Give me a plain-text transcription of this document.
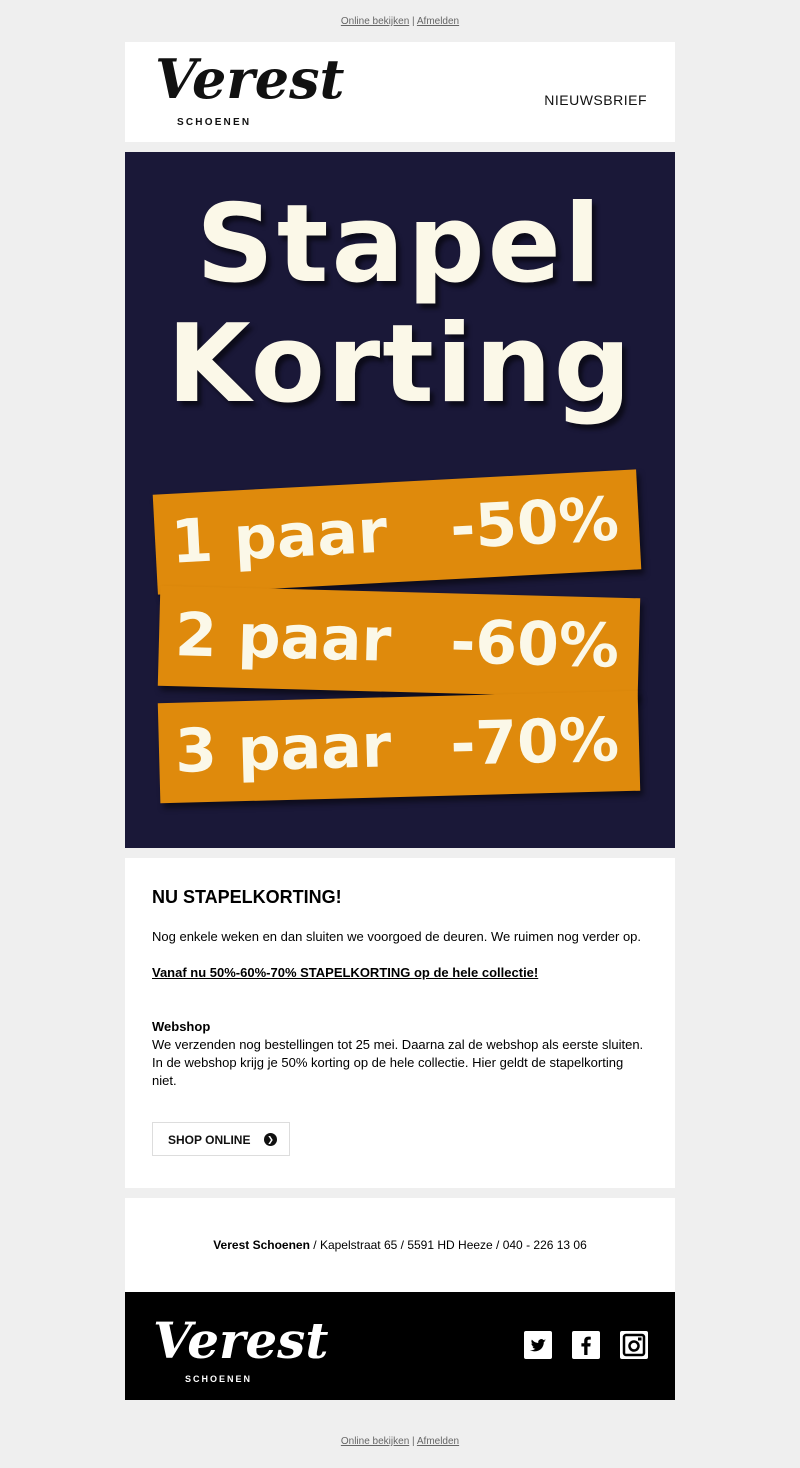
Online bekijken | Afmelden
Verest
SCHOENEN
NIEUWSBRIEF
Stapel
Korting
1 paar -50%
2 paar -60%
3 paar -70%
NU STAPELKORTING!
Nog enkele weken en dan sluiten we voorgoed de deuren. We ruimen nog verder op.
Vanaf nu 50%-60%-70% STAPELKORTING op de hele collectie!
Webshop
We verzenden nog bestellingen tot 25 mei. Daarna zal de webshop als eerste sluiten. In de webshop krijg je 50% korting op de hele collectie. Hier geldt de stapelkorting niet.
SHOP ONLINE	❯
Verest Schoenen / Kapelstraat 65 / 5591 HD Heeze / 040 - 226 13 06
Verest
SCHOENEN
Online bekijken | Afmelden
